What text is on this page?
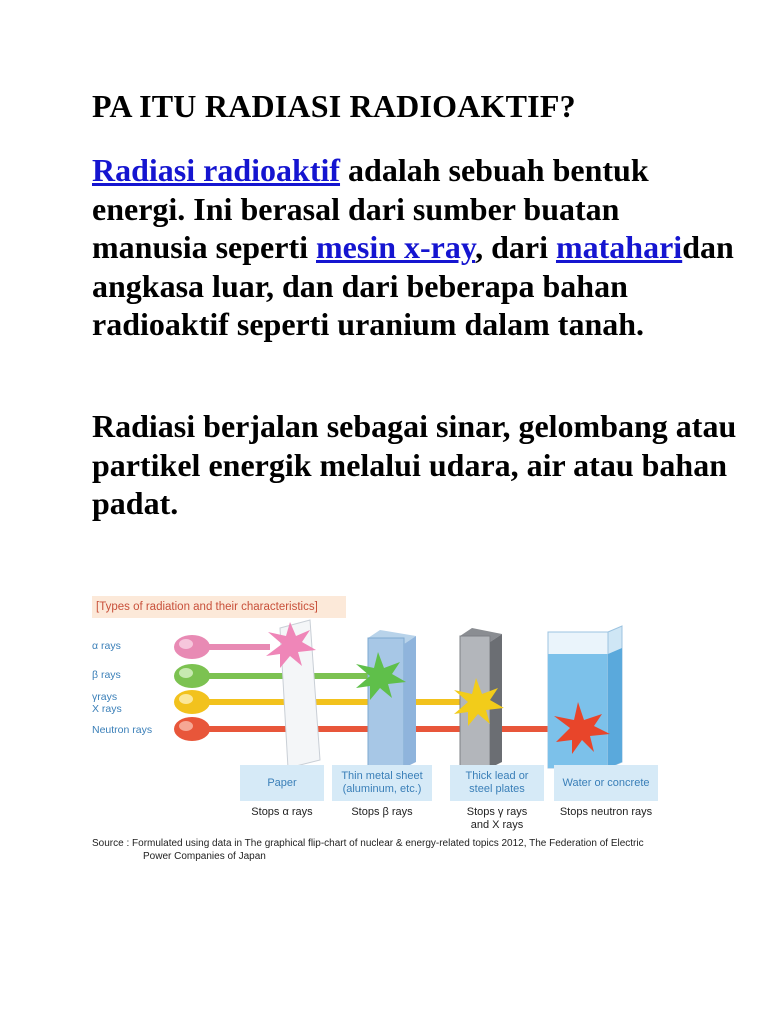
PA ITU RADIASI RADIOAKTIF?

Radiasi radioaktif adalah sebuah bentuk energi. Ini berasal dari sumber buatan manusia seperti mesin x-ray, dari mataharidan angkasa luar, dan dari beberapa bahan radioaktif seperti uranium dalam tanah.

Radiasi berjalan sebagai sinar, gelombang atau partikel energik melalui udara, air atau bahan padat.

[Types of radiation and their characteristics]
α rays
β rays
γrays
X rays
Neutron rays
Paper
Thin metal sheet
(aluminum, etc.)
Thick lead or
steel plates
Water or concrete
Stops α rays	Stops β rays	Stops γ rays
and X rays
Stops neutron rays
Source : Formulated using data in The graphical flip-chart of nuclear & energy-related topics 2012, The Federation of Electric
Power Companies of Japan
